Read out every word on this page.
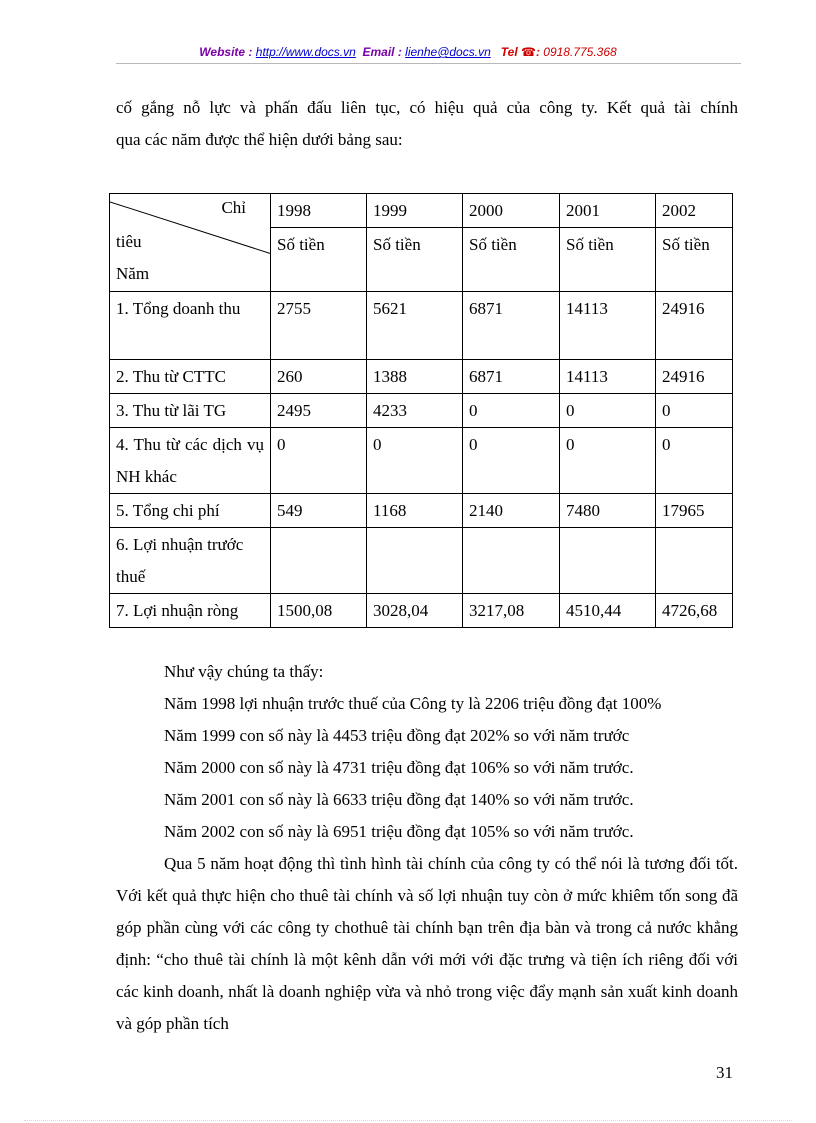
Website : http://www.docs.vn Email : lienhe@docs.vn Tel ☎: 0918.775.368
cố gắng nỗ lực và phấn đấu liên tục, có hiệu quả của công ty. Kết quả tài chính
qua các năm được thể hiện dưới bảng sau:
Chỉ
tiêu
Năm	1998	1999	2000	2001	2002
	Số tiền	Số tiền	Số tiền	Số tiền	Số tiền
1. Tổng doanh thu	2755	5621	6871	14113	24916
2. Thu từ CTTC	260	1388	6871	14113	24916
3. Thu từ lãi TG	2495	4233	0	0	0
4. Thu từ các dịch vụ NH khác	0	0	0	0	0
5. Tổng chi phí	549	1168	2140	7480	17965
6. Lợi nhuận trước thuế					
7. Lợi nhuận ròng	1500,08	3028,04	3217,08	4510,44	4726,68
Như vậy chúng ta thấy:
Năm 1998 lợi nhuận trước thuế của Công ty là 2206 triệu đồng đạt 100%
Năm 1999 con số này là 4453 triệu đồng đạt 202% so với năm trước
Năm 2000 con số này là 4731 triệu đồng đạt 106% so với năm trước.
Năm 2001 con số này là 6633 triệu đồng đạt 140% so với năm trước.
Năm 2002 con số này là 6951 triệu đồng đạt 105% so với năm trước.
Qua 5 năm hoạt động thì tình hình tài chính của công ty có thể nói là tương đối tốt. Với kết quả thực hiện cho thuê tài chính và số lợi nhuận tuy còn ở mức khiêm tốn song đã góp phần cùng với các công ty chothuê tài chính bạn trên địa bàn và trong cả nước khẳng định: “cho thuê tài chính là một kênh dẫn với mới với đặc trưng và tiện ích riêng đối với các kinh doanh, nhất là doanh nghiệp vừa và nhỏ trong việc đẩy mạnh sản xuất kinh doanh và góp phần tích
31
